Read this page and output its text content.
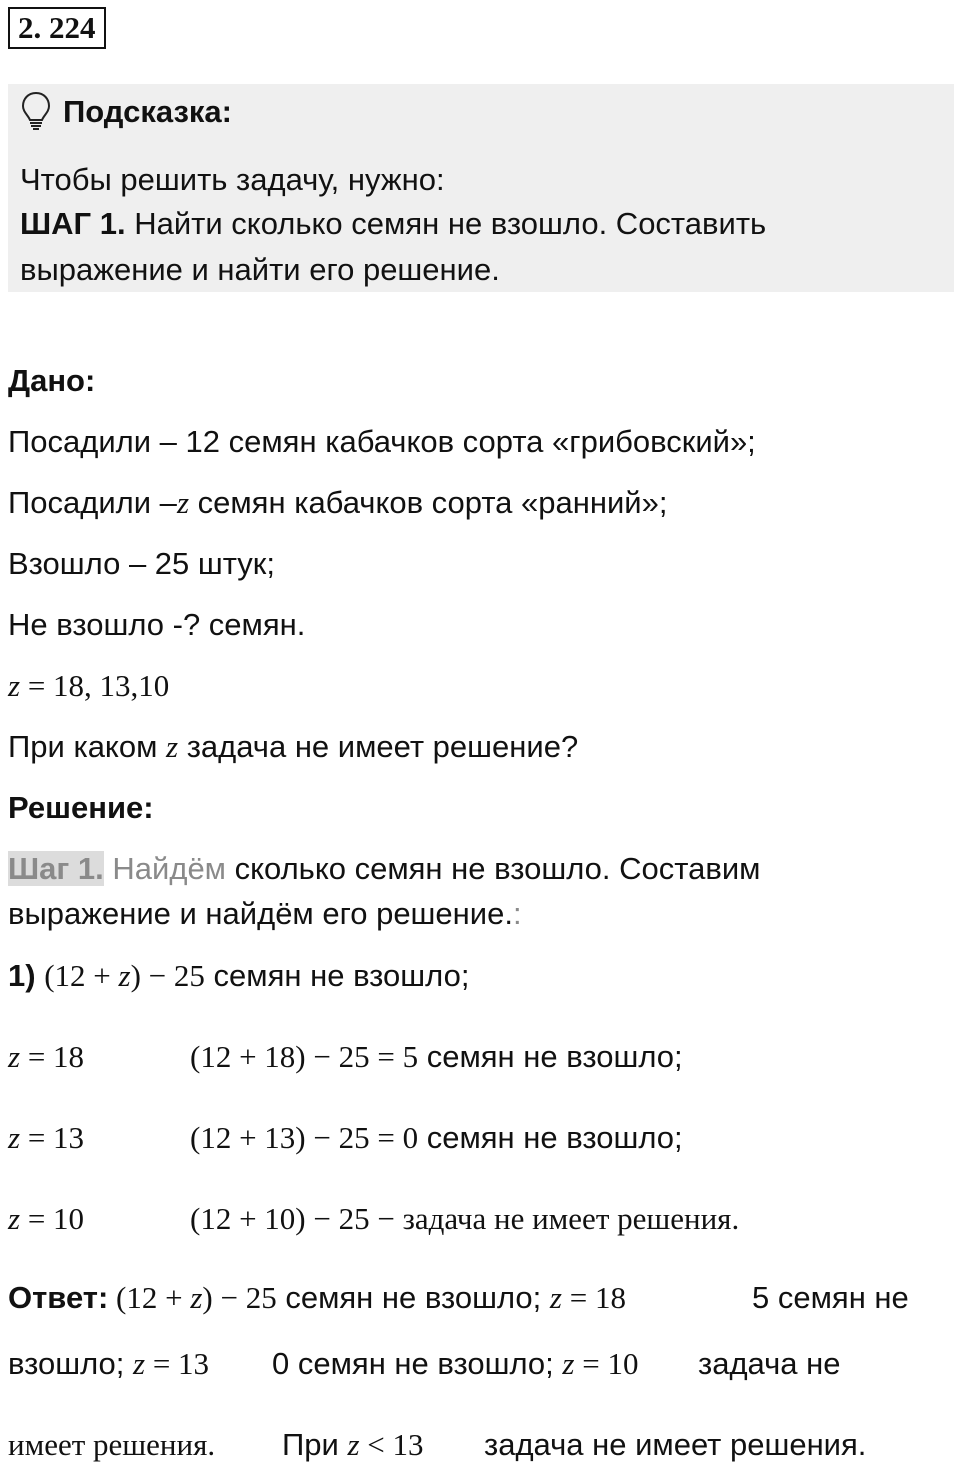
2. 224
Подсказка:
Чтобы решить задачу, нужно:
ШАГ 1. Найти сколько семян не взошло. Составить
выражение и найти его решение.
Дано:
Посадили – 12 семян кабачков сорта «грибовский»;
Посадили –z семян кабачков сорта «ранний»;
Взошло – 25 штук;
Не взошло -? семян.
z = 18, 13,10
При каком z задача не имеет решение?
Решение:
Шаг 1. Найдём сколько семян не взошло. Составим
выражение и найдём его решение.:
1) (12 + z) − 25 семян не взошло;
z = 18	(12 + 18) − 25 = 5 семян не взошло;
z = 13	(12 + 13) − 25 = 0 семян не взошло;
z = 10	(12 + 10) − 25 − задача не имеет решения.
Ответ: (12 + z) − 25 семян не взошло; z = 18	5 семян не
взошло; z = 13 0 семян не взошло; z = 10 задача не
имеет решения. При z < 13 задача не имеет решения.
